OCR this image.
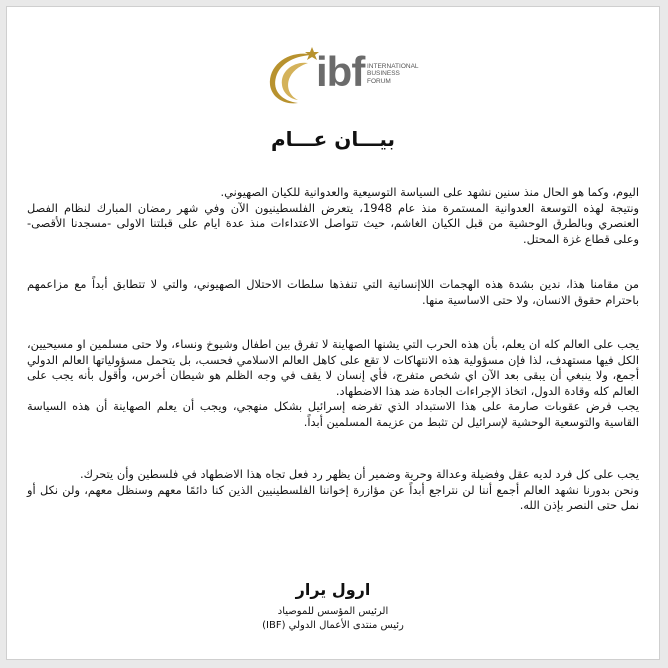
ibf INTERNATIONAL
BUSINESS
FORUM
بيـــان عـــام

اليوم، وكما هو الحال منذ سنين نشهد على السياسة التوسيعية والعدوانية للكيان الصهيوني.

ونتيجة لهذه التوسعة العدوانية المستمرة منذ عام 1948، يتعرض الفلسطينيون الآن وفي شهر رمضان المبارك لنظام الفصل العنصري وبالطرق الوحشية من قبل الكيان الغاشم، حيث تتواصل الاعتداءات منذ عدة ايام على قبلتنا الاولى -مسجدنا الأقصى- وعلى قطاع غزة المحتل.

من مقامنا هذا، ندين بشدة هذه الهجمات اللاإنسانية التي تنفذها سلطات الاحتلال الصهيوني، والتي لا تتطابق أبداً مع مزاعمهم باحترام حقوق الانسان، ولا حتى الاساسية منها.

يجب على العالم كله ان يعلم، بأن هذه الحرب التي يشنها الصهاينة لا تفرق بين اطفال وشيوخ ونساء، ولا حتى مسلمين او مسيحيين، الكل فيها مستهدف، لذا فإن مسؤولية هذه الانتهاكات لا تقع على كاهل العالم الاسلامي فحسب، بل يتحمل مسؤولياتها العالم الدولي أجمع، ولا ينبغي أن يبقى بعد الآن اي شخص متفرج، فأي إنسان لا يقف في وجه الظلم هو شيطان أخرس، وأقول بأنه يجب على العالم كله وقادة الدول، اتخاذ الإجراءات الجادة ضد هذا الاضطهاد.

يجب فرض عقوبات صارمة على هذا الاستبداد الذي تفرضه إسرائيل بشكل منهجي، ويجب أن يعلم الصهاينة أن هذه السياسة القاسية والتوسعية الوحشية لإسرائيل لن تثبط من عزيمة المسلمين أبداً.

يجب على كل فرد لديه عقل وفضيلة وعدالة وحرية وضمير أن يظهر رد فعل تجاه هذا الاضطهاد في فلسطين وأن يتحرك.

ونحن بدورنا نشهد العالم أجمع أننا لن نتراجع أبداً عن مؤازرة إخواننا الفلسطينيين الذين كنا دائمًا معهم وسنظل معهم، ولن نكل أو نمل حتى النصر بإذن الله.

ارول يرار
الرئيس المؤسس للموصياد
رئيس منتدى الأعمال الدولي (IBF)
